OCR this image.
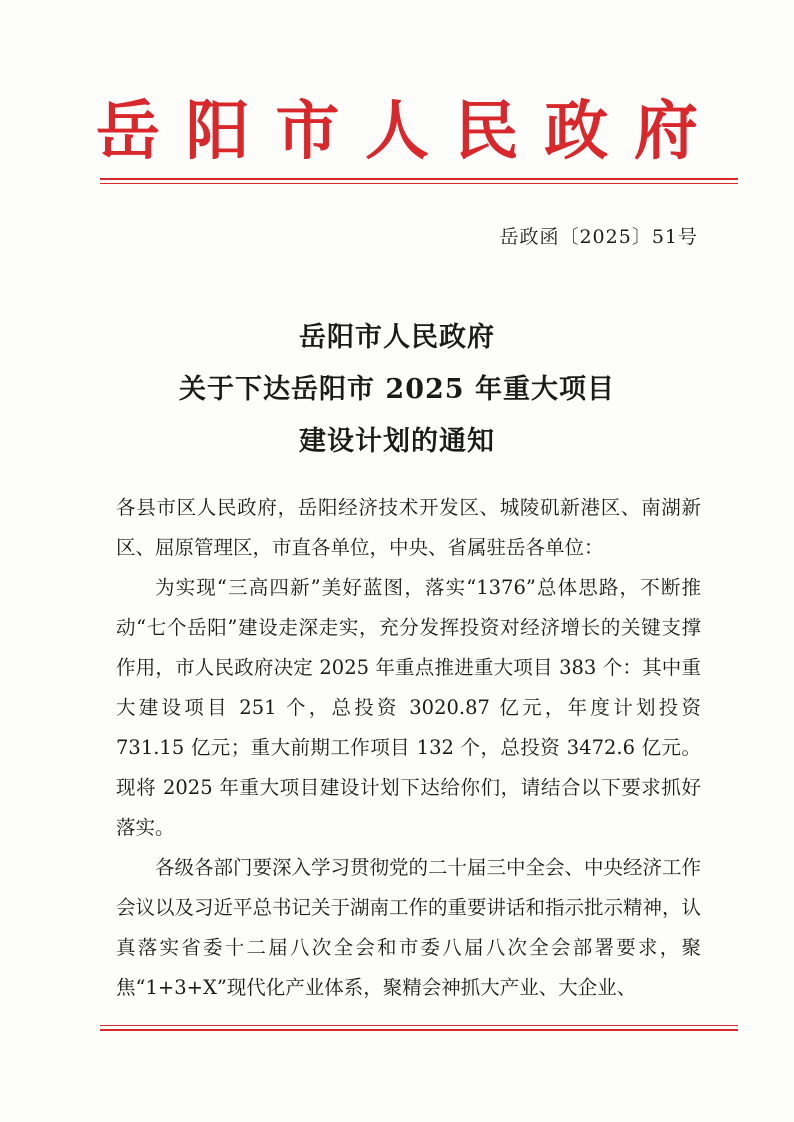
岳 阳 市 人 民 政 府
岳政函〔2025〕51号
岳阳市人民政府
关于下达岳阳市 2025 年重大项目
建设计划的通知

各县市区人民政府，岳阳经济技术开发区、城陵矶新港区、南湖新区、屈原管理区，市直各单位，中央、省属驻岳各单位：

为实现“三高四新”美好蓝图，落实“1376”总体思路，不断推动“七个岳阳”建设走深走实，充分发挥投资对经济增长的关键支撑作用，市人民政府决定 2025 年重点推进重大项目 383 个：其中重大建设项目 251 个，总投资 3020.87 亿元，年度计划投资 731.15 亿元；重大前期工作项目 132 个，总投资 3472.6 亿元。现将 2025 年重大项目建设计划下达给你们，请结合以下要求抓好落实。

各级各部门要深入学习贯彻党的二十届三中全会、中央经济工作会议以及习近平总书记关于湖南工作的重要讲话和指示批示精神，认真落实省委十二届八次全会和市委八届八次全会部署要求，聚焦“1+3+X”现代化产业体系，聚精会神抓大产业、大企业、
